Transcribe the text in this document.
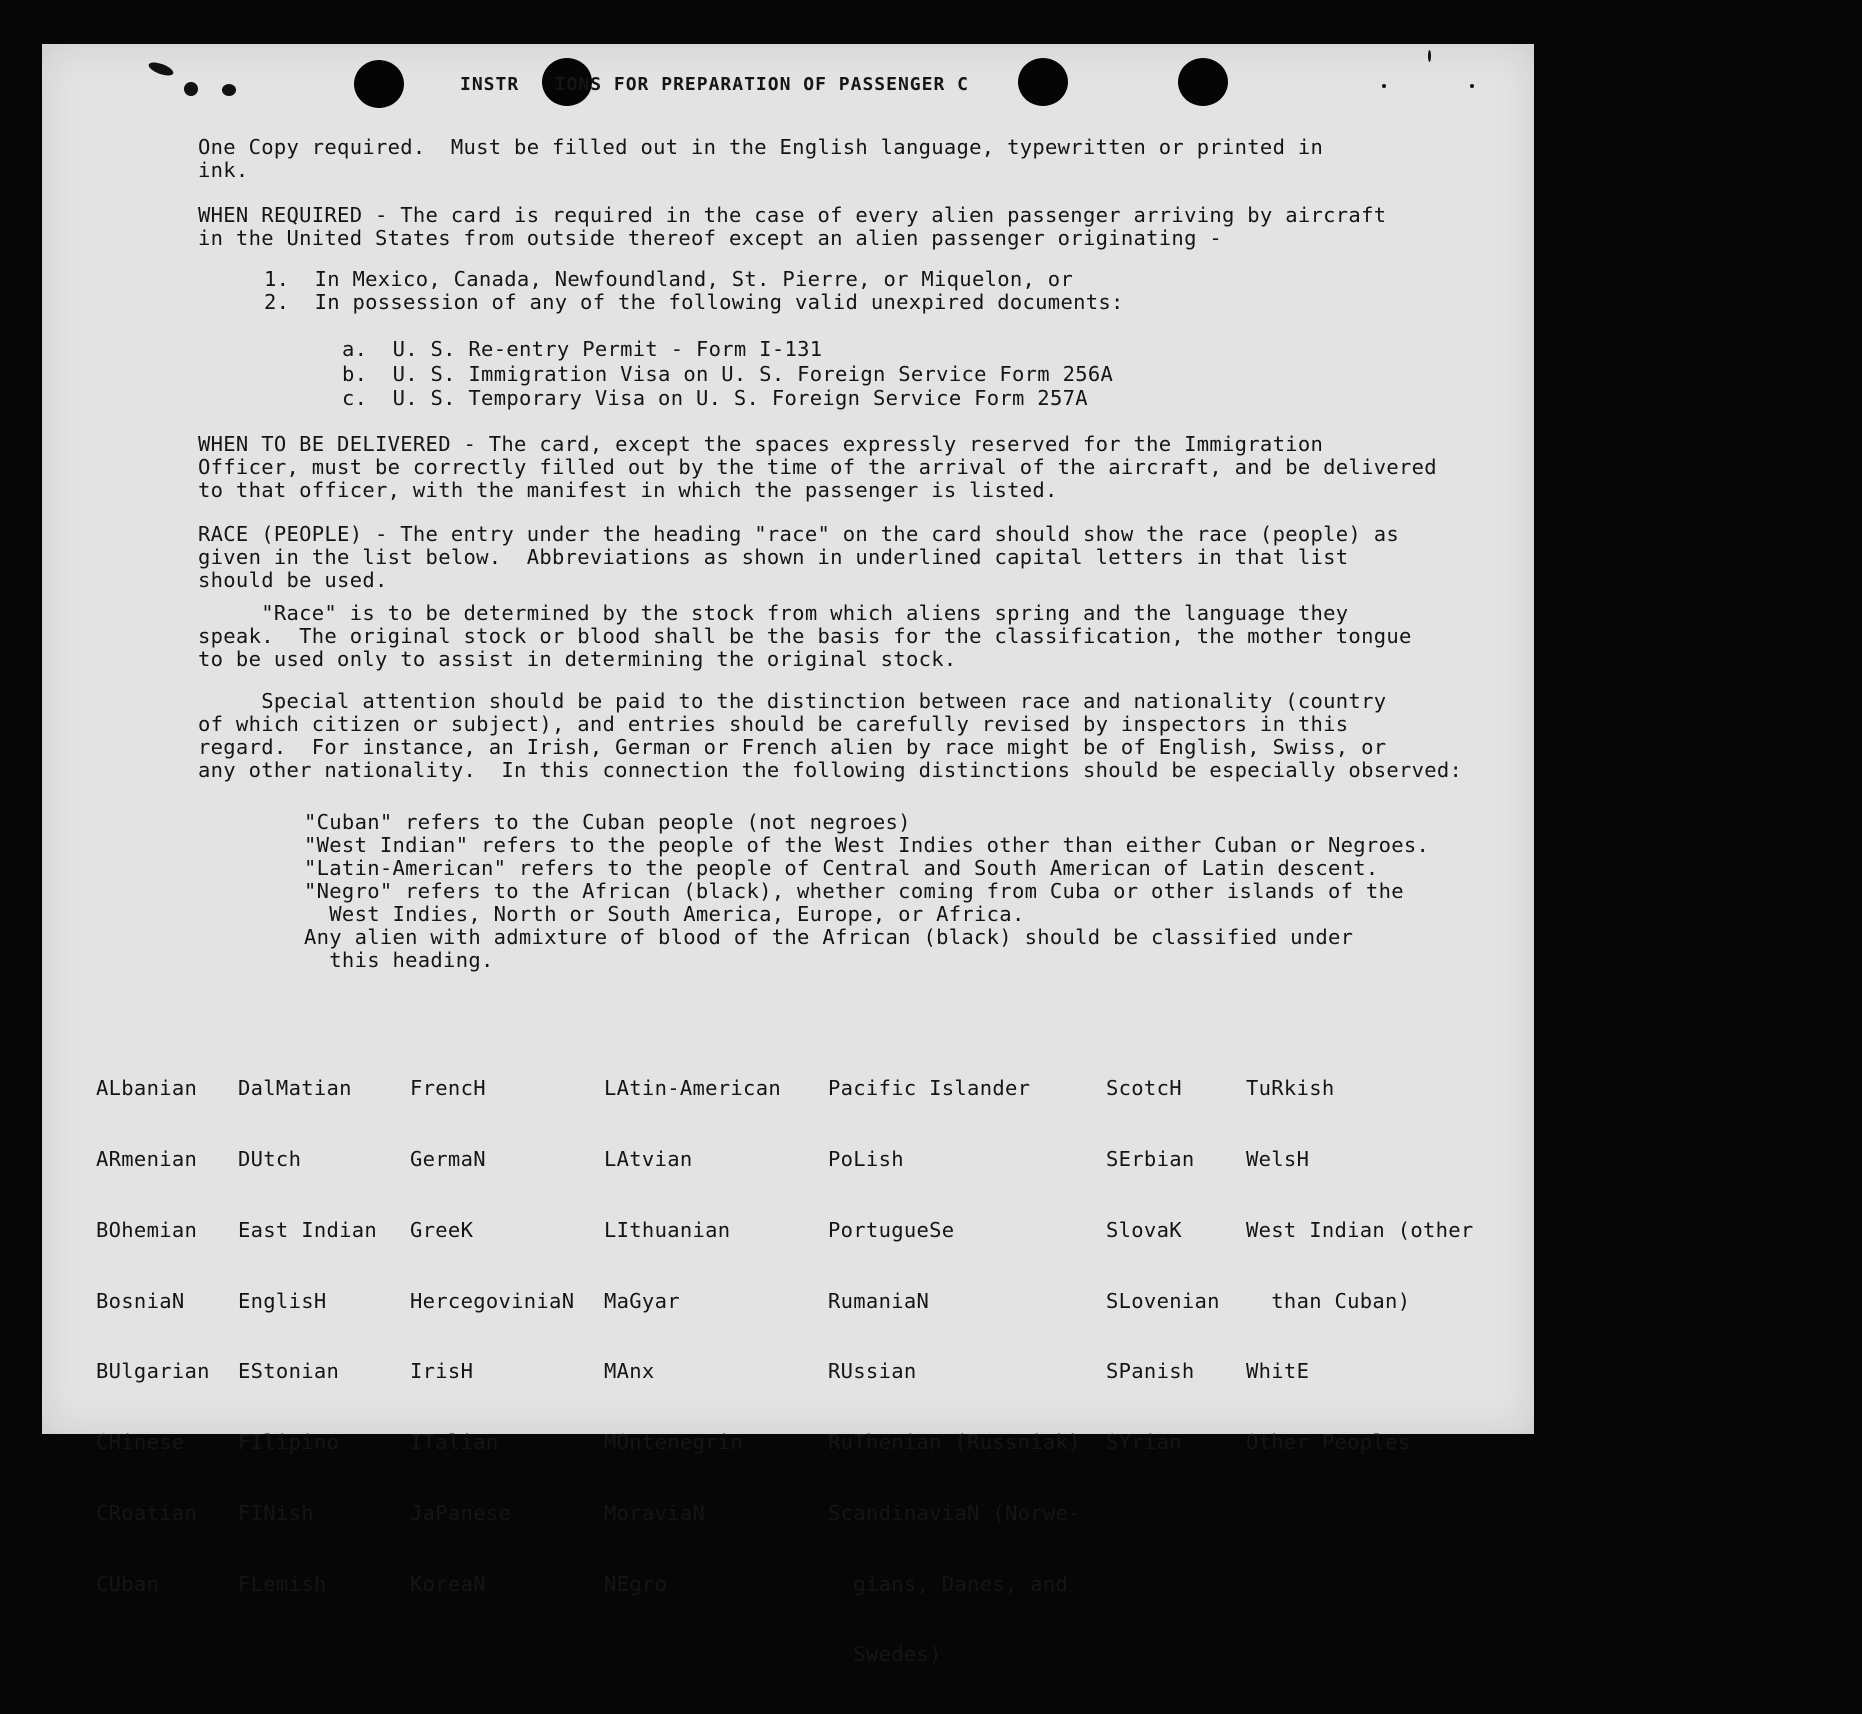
INSTR   IONS FOR PREPARATION OF PASSENGER C
One Copy required.  Must be filled out in the English language, typewritten or printed in
ink.
WHEN REQUIRED - The card is required in the case of every alien passenger arriving by aircraft
in the United States from outside thereof except an alien passenger originating -
1.  In Mexico, Canada, Newfoundland, St. Pierre, or Miquelon, or
2.  In possession of any of the following valid unexpired documents:
a.  U. S. Re-entry Permit - Form I-131
b.  U. S. Immigration Visa on U. S. Foreign Service Form 256A
c.  U. S. Temporary Visa on U. S. Foreign Service Form 257A
WHEN TO BE DELIVERED - The card, except the spaces expressly reserved for the Immigration
Officer, must be correctly filled out by the time of the arrival of the aircraft, and be delivered
to that officer, with the manifest in which the passenger is listed.
RACE (PEOPLE) - The entry under the heading "race" on the card should show the race (people) as
given in the list below.  Abbreviations as shown in underlined capital letters in that list
should be used.
"Race" is to be determined by the stock from which aliens spring and the language they
speak.  The original stock or blood shall be the basis for the classification, the mother tongue
to be used only to assist in determining the original stock.
Special attention should be paid to the distinction between race and nationality (country
of which citizen or subject), and entries should be carefully revised by inspectors in this
regard.  For instance, an Irish, German or French alien by race might be of English, Swiss, or
any other nationality.  In this connection the following distinctions should be especially observed:
"Cuban" refers to the Cuban people (not negroes)
"West Indian" refers to the people of the West Indies other than either Cuban or Negroes.
"Latin-American" refers to the people of Central and South American of Latin descent.
"Negro" refers to the African (black), whether coming from Cuba or other islands of the
West Indies, North or South America, Europe, or Africa.
Any alien with admixture of blood of the African (black) should be classified under
this heading.

ALbanian

ARmenian

BOhemian

BosniaN

BUlgarian

CHinese

CRoatian

CUban

DalMatian

DUtch

East Indian

EnglisH

EStonian

FIlipino

FINish

FLemish

FrencH

GermaN

GreeK

HercegoviniaN

IrisH

ITalian

JaPanese

KoreaN

LAtin-American

LAtvian

LIthuanian

MaGyar

MAnx

MOntenegrin

MoraviaN

NEgro

Pacific Islander

PoLish

PortugueSe

RumaniaN

RUssian

RuThenian (Russniak)

ScandinaviaN (Norwe-

gians, Danes, and

Swedes)

ScotcH

SErbian

SlovaK

SLovenian

SPanish

SYrian

TuRkish

WelsH

West Indian (other

than Cuban)

WhitE

Other Peoples
